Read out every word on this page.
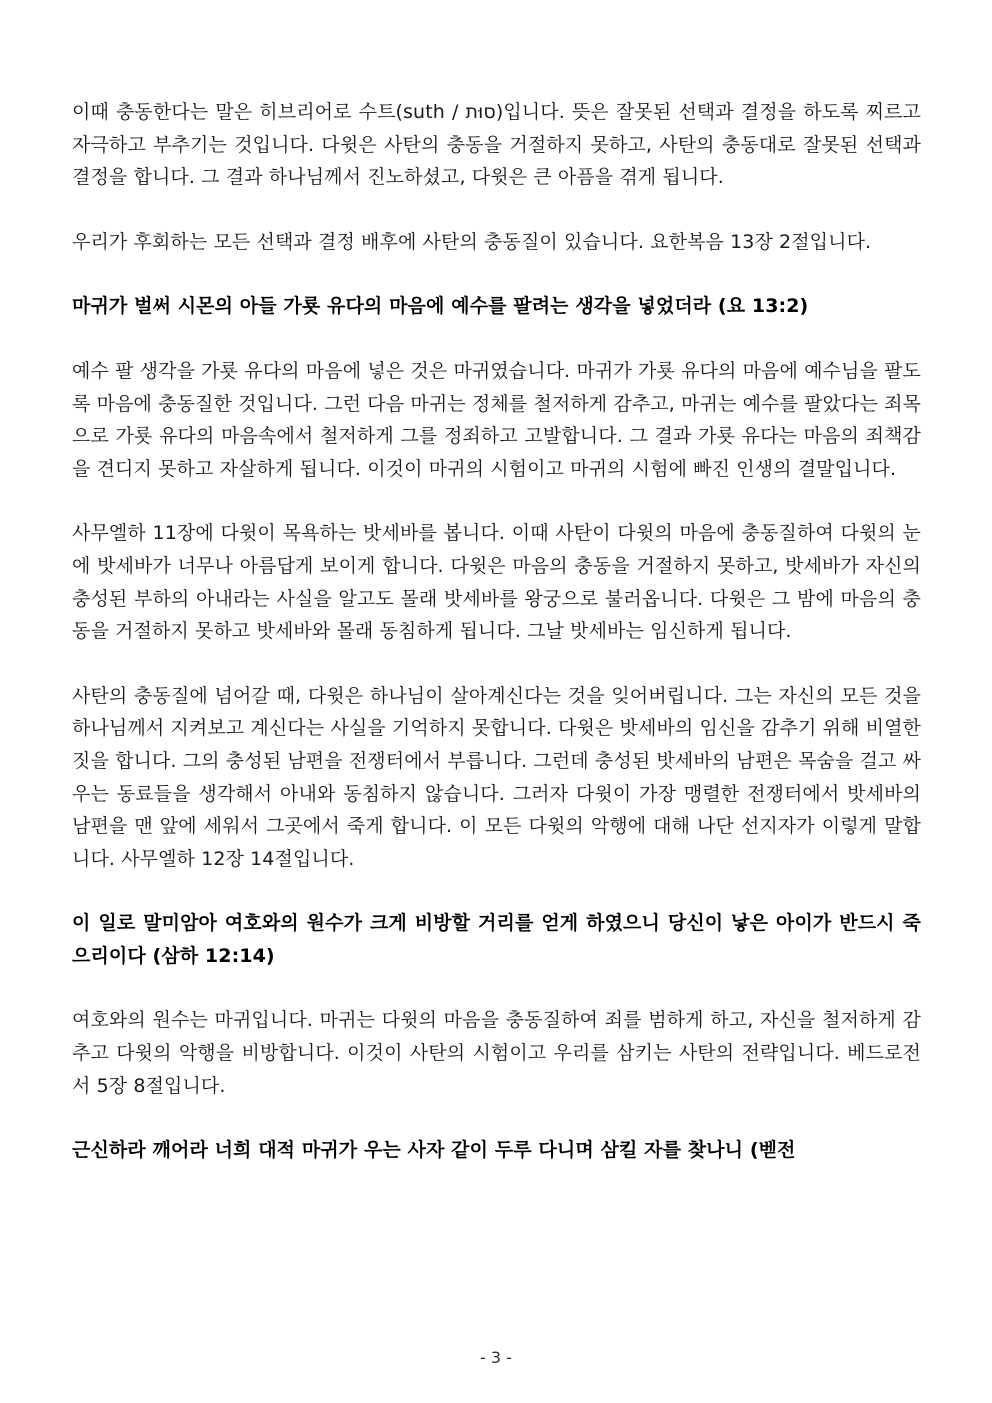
이때 충동한다는 말은 히브리어로 수트(suth / סוּת)입니다. 뜻은 잘못된 선택과 결정을 하도록 찌르고 자극하고 부추기는 것입니다. 다윗은 사탄의 충동을 거절하지 못하고, 사탄의 충동대로 잘못된 선택과 결정을 합니다. 그 결과 하나님께서 진노하셨고, 다윗은 큰 아픔을 겪게 됩니다.

우리가 후회하는 모든 선택과 결정 배후에 사탄의 충동질이 있습니다. 요한복음 13장 2절입니다.

마귀가 벌써 시몬의 아들 가룟 유다의 마음에 예수를 팔려는 생각을 넣었더라 (요 13:2)

예수 팔 생각을 가룟 유다의 마음에 넣은 것은 마귀였습니다. 마귀가 가룟 유다의 마음에 예수님을 팔도록 마음에 충동질한 것입니다. 그런 다음 마귀는 정체를 철저하게 감추고, 마귀는 예수를 팔았다는 죄목으로 가룟 유다의 마음속에서 철저하게 그를 정죄하고 고발합니다. 그 결과 가룟 유다는 마음의 죄책감을 견디지 못하고 자살하게 됩니다. 이것이 마귀의 시험이고 마귀의 시험에 빠진 인생의 결말입니다.

사무엘하 11장에 다윗이 목욕하는 밧세바를 봅니다. 이때 사탄이 다윗의 마음에 충동질하여 다윗의 눈에 밧세바가 너무나 아름답게 보이게 합니다. 다윗은 마음의 충동을 거절하지 못하고, 밧세바가 자신의 충성된 부하의 아내라는 사실을 알고도 몰래 밧세바를 왕궁으로 불러옵니다. 다윗은 그 밤에 마음의 충동을 거절하지 못하고 밧세바와 몰래 동침하게 됩니다. 그날 밧세바는 임신하게 됩니다.

사탄의 충동질에 넘어갈 때, 다윗은 하나님이 살아계신다는 것을 잊어버립니다. 그는 자신의 모든 것을 하나님께서 지켜보고 계신다는 사실을 기억하지 못합니다. 다윗은 밧세바의 임신을 감추기 위해 비열한 짓을 합니다. 그의 충성된 남편을 전쟁터에서 부릅니다. 그런데 충성된 밧세바의 남편은 목숨을 걸고 싸우는 동료들을 생각해서 아내와 동침하지 않습니다. 그러자 다윗이 가장 맹렬한 전쟁터에서 밧세바의 남편을 맨 앞에 세워서 그곳에서 죽게 합니다. 이 모든 다윗의 악행에 대해 나단 선지자가 이렇게 말합니다. 사무엘하 12장 14절입니다.

이 일로 말미암아 여호와의 원수가 크게 비방할 거리를 얻게 하였으니 당신이 낳은 아이가 반드시 죽으리이다 (삼하 12:14)

여호와의 원수는 마귀입니다. 마귀는 다윗의 마음을 충동질하여 죄를 범하게 하고, 자신을 철저하게 감추고 다윗의 악행을 비방합니다. 이것이 사탄의 시험이고 우리를 삼키는 사탄의 전략입니다. 베드로전서 5장 8절입니다.

근신하라 깨어라 너희 대적 마귀가 우는 사자 같이 두루 다니며 삼킬 자를 찾나니 (벧전

- 3 -
